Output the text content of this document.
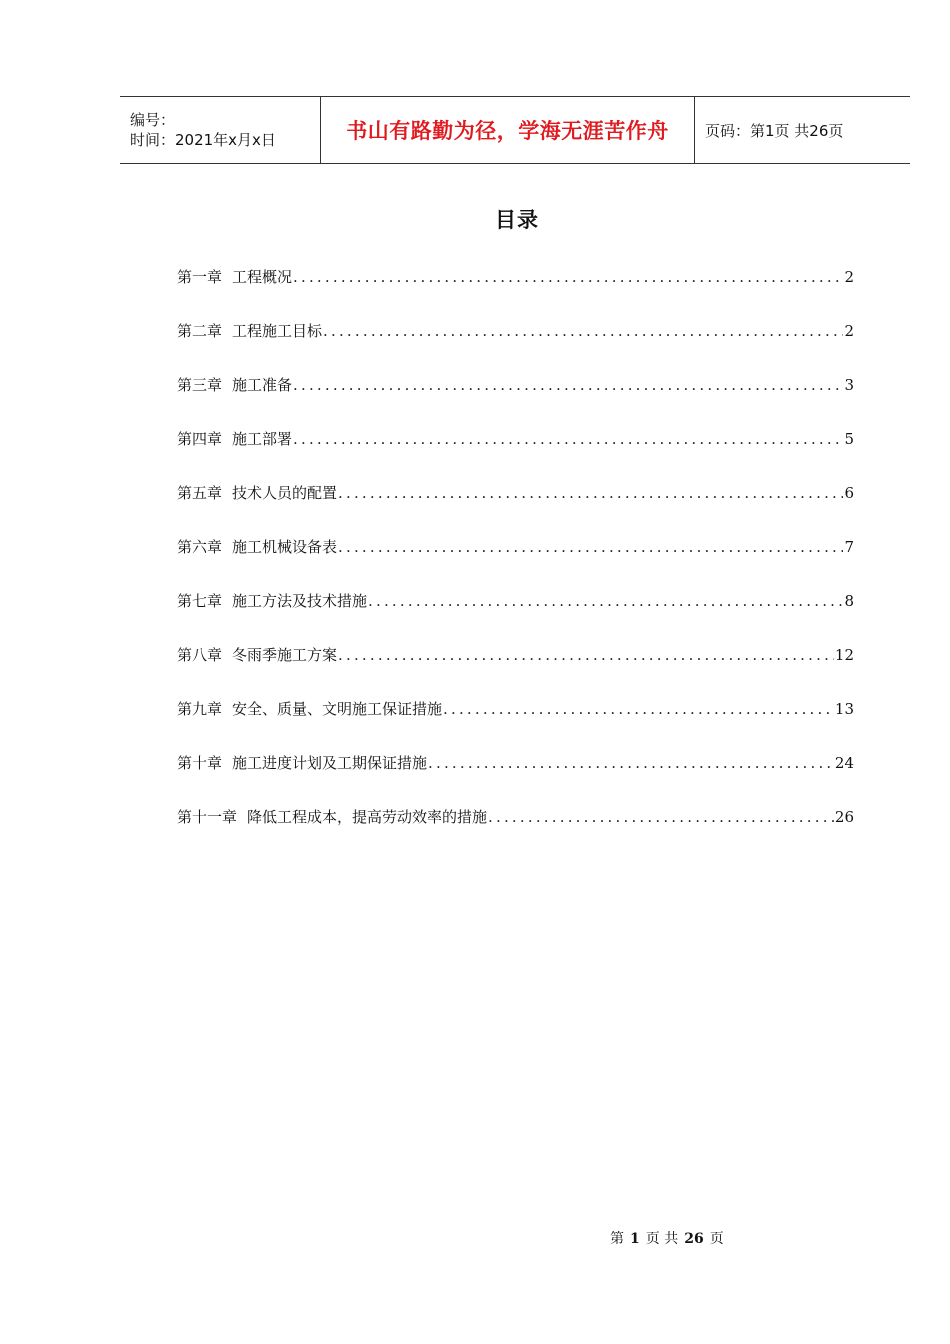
编号：
时间：2021年x月x日	书山有路勤为径，学海无涯苦作舟 页码：第1页 共26页
目录
第一章 工程概况 .....	2
第二章 工程施工目标 .....	2
第三章 施工准备 .....	3
第四章 施工部署 .....	5
第五章 技术人员的配置 .....	6
第六章 施工机械设备表 .....	7
第七章 施工方法及技术措施 .....	8
第八章 冬雨季施工方案 .....	12
第九章 安全、质量、文明施工保证措施 .....	13
第十章 施工进度计划及工期保证措施 .....	24
第十一章 降低工程成本，提高劳动效率的措施 .....	26
第 1 页 共 26 页
